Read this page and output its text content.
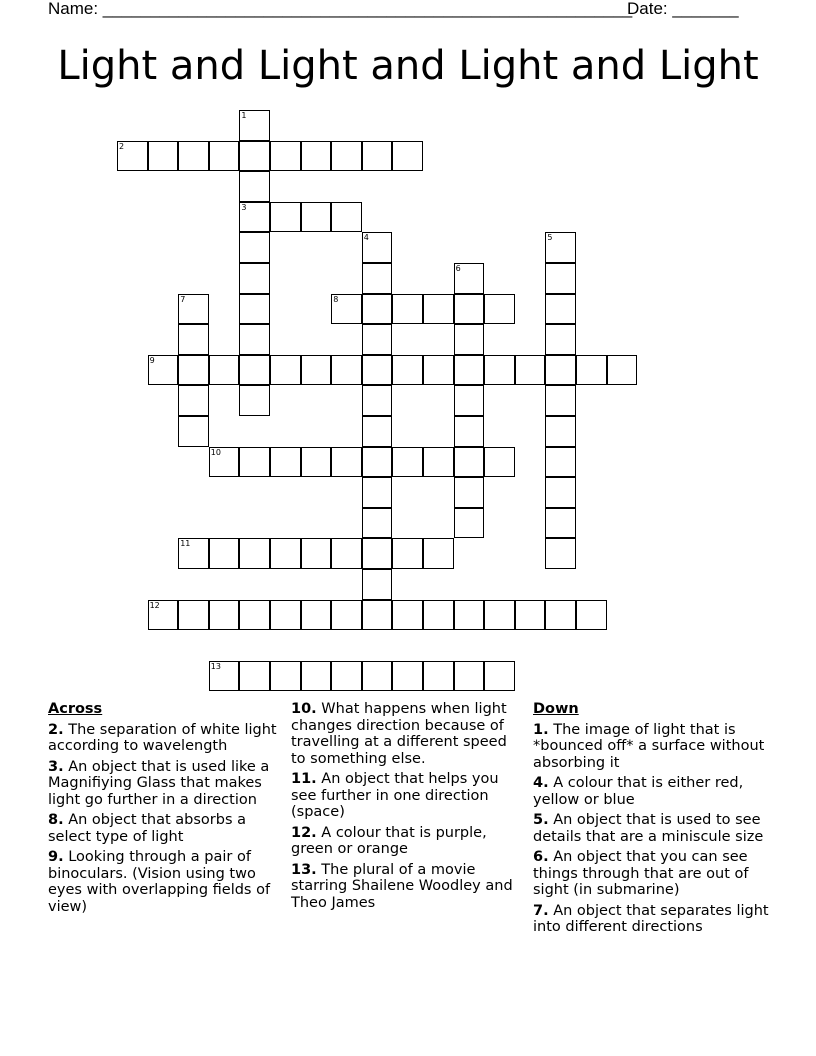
Name: ________________________________________________________
Date: _______
Light and Light and Light and Light
1
3
2
4	5
6
7	8
9
10
11
12
13
Across
2. The separation of white light according to wavelength
3. An object that is used like a Magnifiying Glass that makes light go further in a direction
8. An object that absorbs a select type of light
9. Looking through a pair of binoculars. (Vision using two eyes with overlapping fields of view)
10. What happens when light changes direction because of travelling at a different speed to something else.
11. An object that helps you see further in one direction (space)
12. A colour that is purple, green or orange
13. The plural of a movie starring Shailene Woodley and Theo James
Down
1. The image of light that is *bounced off* a surface without absorbing it
4. A colour that is either red, yellow or blue
5. An object that is used to see details that are a miniscule size
6. An object that you can see things through that are out of sight (in submarine)
7. An object that separates light into different directions
